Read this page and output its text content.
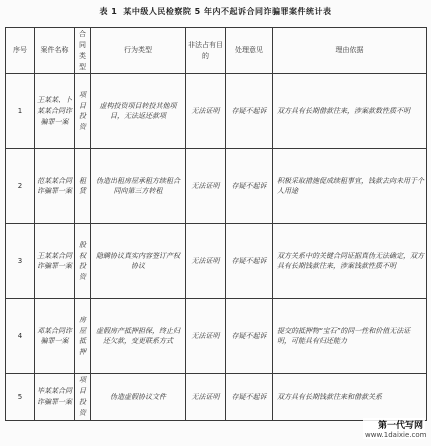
表 1 某中级人民检察院 5 年内不起诉合同诈骗罪案件统计表
序号	案件名称	合同类型	行为类型	非法占有目的	处理意见	理由依据
1	王某某、卜某某合同诈骗罪一案	项目投资	虚构投资项目转投其他项目，无法返还款项	无法证明	存疑不起诉	双方具有长期借款往来，涉案款数性质不明
2	范某某合同诈骗罪一案	租赁	伪造出租房屋承租方续租合同向第三方转租	无法证明	存疑不起诉	积极采取措施促成续租事宜，钱款去向未用于个人用途
3	王某某合同诈骗罪一案	股权投资	隐瞒协议真实内容签订产权协议	无法证明	存疑不起诉	双方关系中的关键合同证据真伪无法确定，双方具有长期钱款往来，涉案钱款性质不明
4	邓某合同诈骗罪一案	房屋抵押	虚假房产抵押担保，终止归还欠款，变更联系方式	无法证明	存疑不起诉	提交的抵押物“宝石”的同一性和价值无法证明，可能具有归还能力
5	毕某某合同诈骗罪一案	项目投资	伪造虚假协议文件	无法证明	存疑不起诉	双方具有长期钱款往来和借款关系
第一代写网
www.1daixie.com
